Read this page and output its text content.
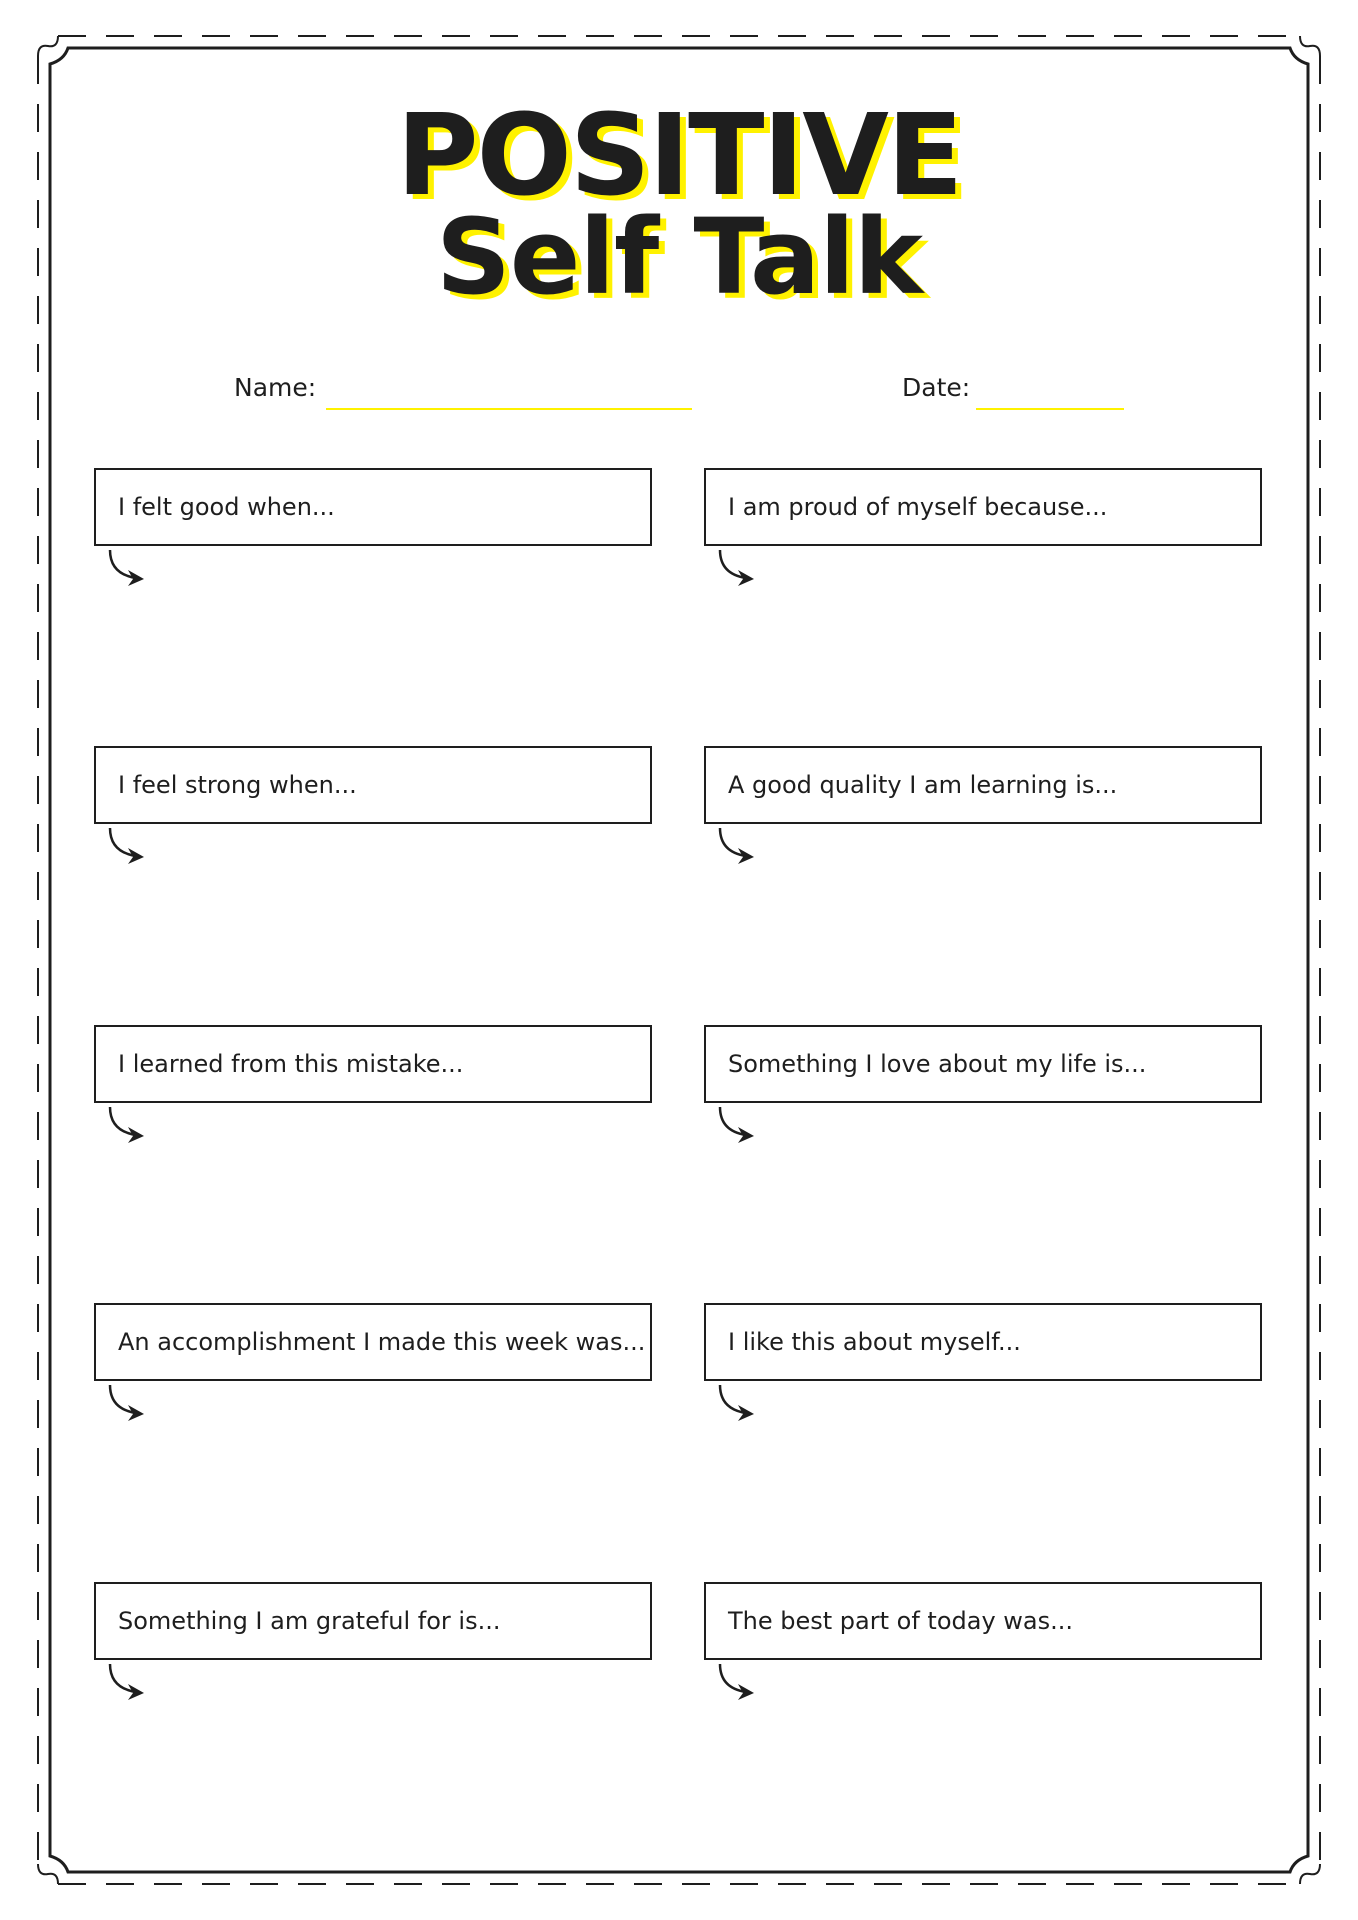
POSITIVE
Self Talk
Name:	Date:
I felt good when...	I am proud of myself because...
I feel strong when...	A good quality I am learning is...
I learned from this mistake...	Something I love about my life is...
An accomplishment I made this week was...	I like this about myself...
Something I am grateful for is...	The best part of today was...
